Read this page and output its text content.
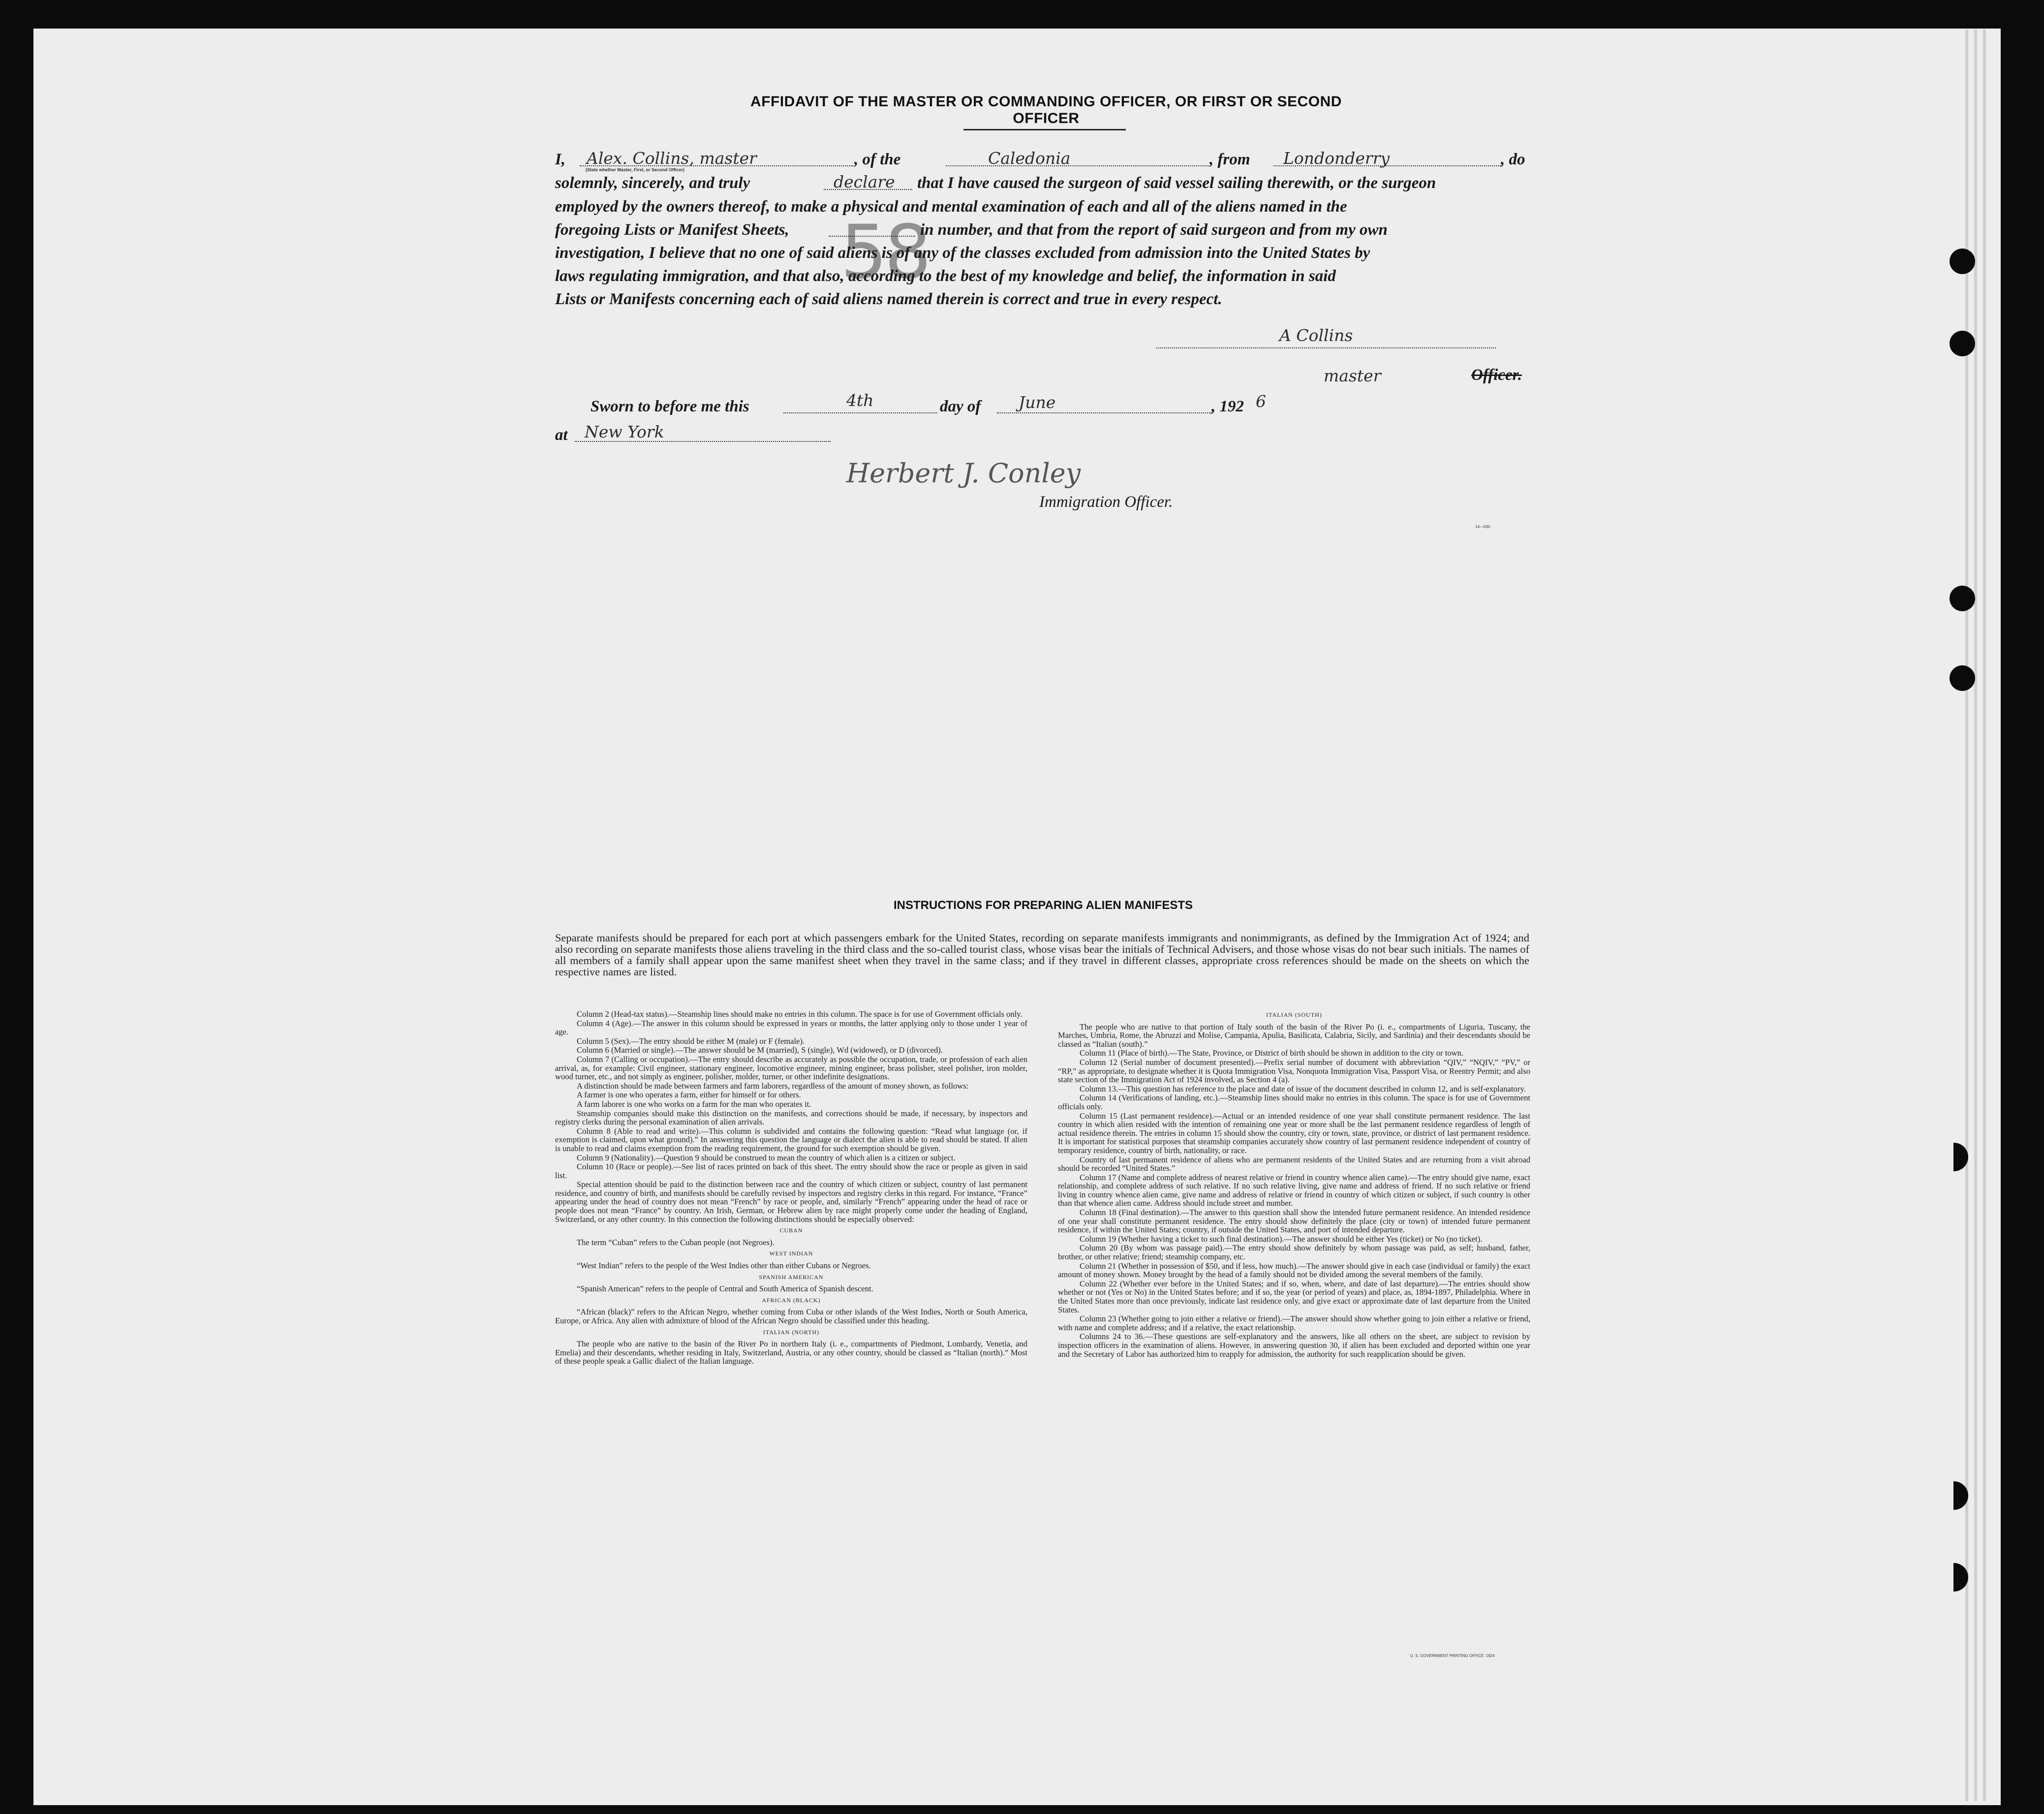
AFFIDAVIT OF THE MASTER OR COMMANDING OFFICER, OR FIRST OR SECOND OFFICER
58
I, Alex. Collins, master	, of the	Caledonia	, from Londonderry	, do
(State whether Master, First, or Second Officer)
solemnly, sincerely, and truly	declare that I have caused the surgeon of said vessel sailing therewith, or the surgeon
employed by the owners thereof, to make a physical and mental examination of each and all of the aliens named in the
foregoing Lists or Manifest Sheets,	in number, and that from the report of said surgeon and from my own
investigation, I believe that no one of said aliens is of any of the classes excluded from admission into the United States by
laws regulating immigration, and that also, according to the best of my knowledge and belief, the information in said
Lists or Manifests concerning each of said aliens named therein is correct and true in every respect.
A Collins
master	Officer.
Sworn to before me this	4th	day of June	, 192 6
at New York
Herbert J. Conley
Immigration Officer.
14—630
INSTRUCTIONS FOR PREPARING ALIEN MANIFESTS
Separate manifests should be prepared for each port at which passengers embark for the United States, recording on separate manifests immigrants and nonimmigrants, as defined by the Immigration Act of 1924; and also recording on separate manifests those aliens traveling in the third class and the so-called tourist class, whose visas bear the initials of Technical Advisers, and those whose visas do not bear such initials. The names of all members of a family shall appear upon the same manifest sheet when they travel in the same class; and if they travel in different classes, appropriate cross references should be made on the sheets on which the respective names are listed.

Column 2 (Head-tax status).—Steamship lines should make no entries in this column. The space is for use of Government officials only.

Column 4 (Age).—The answer in this column should be expressed in years or months, the latter applying only to those under 1 year of age.

Column 5 (Sex).—The entry should be either M (male) or F (female).

Column 6 (Married or single).—The answer should be M (married), S (single), Wd (widowed), or D (divorced).

Column 7 (Calling or occupation).—The entry should describe as accurately as possible the occupation, trade, or profession of each alien arrival, as, for example: Civil engineer, stationary engineer, locomotive engineer, mining engineer, brass polisher, steel polisher, iron molder, wood turner, etc., and not simply as engineer, polisher, molder, turner, or other indefinite designations.

A distinction should be made between farmers and farm laborers, regardless of the amount of money shown, as follows:

A farmer is one who operates a farm, either for himself or for others.

A farm laborer is one who works on a farm for the man who operates it.

Steamship companies should make this distinction on the manifests, and corrections should be made, if necessary, by inspectors and registry clerks during the personal examination of alien arrivals.

Column 8 (Able to read and write).—This column is subdivided and contains the following question: “Read what language (or, if exemption is claimed, upon what ground).” In answering this question the language or dialect the alien is able to read should be stated. If alien is unable to read and claims exemption from the reading requirement, the ground for such exemption should be given.

Column 9 (Nationality).—Question 9 should be construed to mean the country of which alien is a citizen or subject.

Column 10 (Race or people).—See list of races printed on back of this sheet. The entry should show the race or people as given in said list.

Special attention should be paid to the distinction between race and the country of which citizen or subject, country of last permanent residence, and country of birth, and manifests should be carefully revised by inspectors and registry clerks in this regard. For instance, “France” appearing under the head of country does not mean “French” by race or people, and, similarly “French” appearing under the head of race or people does not mean “France” by country. An Irish, German, or Hebrew alien by race might properly come under the heading of England, Switzerland, or any other country. In this connection the following distinctions should be especially observed:

CUBAN

The term “Cuban” refers to the Cuban people (not Negroes).

WEST INDIAN

“West Indian” refers to the people of the West Indies other than either Cubans or Negroes.

SPANISH AMERICAN

“Spanish American” refers to the people of Central and South America of Spanish descent.

AFRICAN (BLACK)

“African (black)” refers to the African Negro, whether coming from Cuba or other islands of the West Indies, North or South America, Europe, or Africa. Any alien with admixture of blood of the African Negro should be classified under this heading.

ITALIAN (NORTH)

The people who are native to the basin of the River Po in northern Italy (i. e., compartments of Piedmont, Lombardy, Venetia, and Emelia) and their descendants, whether residing in Italy, Switzerland, Austria, or any other country, should be classed as “Italian (north).” Most of these people speak a Gallic dialect of the Italian language.

ITALIAN (SOUTH)

The people who are native to that portion of Italy south of the basin of the River Po (i. e., compartments of Liguria, Tuscany, the Marches, Umbria, Rome, the Abruzzi and Molise, Campania, Apulia, Basilicata, Calabria, Sicily, and Sardinia) and their descendants should be classed as “Italian (south).”

Column 11 (Place of birth).—The State, Province, or District of birth should be shown in addition to the city or town.

Column 12 (Serial number of document presented).—Prefix serial number of document with abbreviation “QIV,” “NQIV,” “PV,” or “RP,” as appropriate, to designate whether it is Quota Immigration Visa, Nonquota Immigration Visa, Passport Visa, or Reentry Permit; and also state section of the Immigration Act of 1924 involved, as Section 4 (a).

Column 13.—This question has reference to the place and date of issue of the document described in column 12, and is self-explanatory.

Column 14 (Verifications of landing, etc.).—Steamship lines should make no entries in this column. The space is for use of Government officials only.

Column 15 (Last permanent residence).—Actual or an intended residence of one year shall constitute permanent residence. The last country in which alien resided with the intention of remaining one year or more shall be the last permanent residence regardless of length of actual residence therein. The entries in column 15 should show the country, city or town, state, province, or district of last permanent residence. It is important for statistical purposes that steamship companies accurately show country of last permanent residence independent of country of temporary residence, country of birth, nationality, or race.

Country of last permanent residence of aliens who are permanent residents of the United States and are returning from a visit abroad should be recorded “United States.”

Column 17 (Name and complete address of nearest relative or friend in country whence alien came).—The entry should give name, exact relationship, and complete address of such relative. If no such relative living, give name and address of friend. If no such relative or friend living in country whence alien came, give name and address of relative or friend in country of which citizen or subject, if such country is other than that whence alien came. Address should include street and number.

Column 18 (Final destination).—The answer to this question shall show the intended future permanent residence. An intended residence of one year shall constitute permanent residence. The entry should show definitely the place (city or town) of intended future permanent residence, if within the United States; country, if outside the United States, and port of intended departure.

Column 19 (Whether having a ticket to such final destination).—The answer should be either Yes (ticket) or No (no ticket).

Column 20 (By whom was passage paid).—The entry should show definitely by whom passage was paid, as self; husband, father, brother, or other relative; friend; steamship company, etc.

Column 21 (Whether in possession of $50, and if less, how much).—The answer should give in each case (individual or family) the exact amount of money shown. Money brought by the head of a family should not be divided among the several members of the family.

Column 22 (Whether ever before in the United States; and if so, when, where, and date of last departure).—The entries should show whether or not (Yes or No) in the United States before; and if so, the year (or period of years) and place, as, 1894-1897, Philadelphia. Where in the United States more than once previously, indicate last residence only, and give exact or approximate date of last departure from the United States.

Column 23 (Whether going to join either a relative or friend).—The answer should show whether going to join either a relative or friend, with name and complete address; and if a relative, the exact relationship.

Columns 24 to 36.—These questions are self-explanatory and the answers, like all others on the sheet, are subject to revision by inspection officers in the examination of aliens. However, in answering question 30, if alien has been excluded and deported within one year and the Secretary of Labor has authorized him to reapply for admission, the authority for such reapplication should be given.

U. S. GOVERNMENT PRINTING OFFICE: 1924
